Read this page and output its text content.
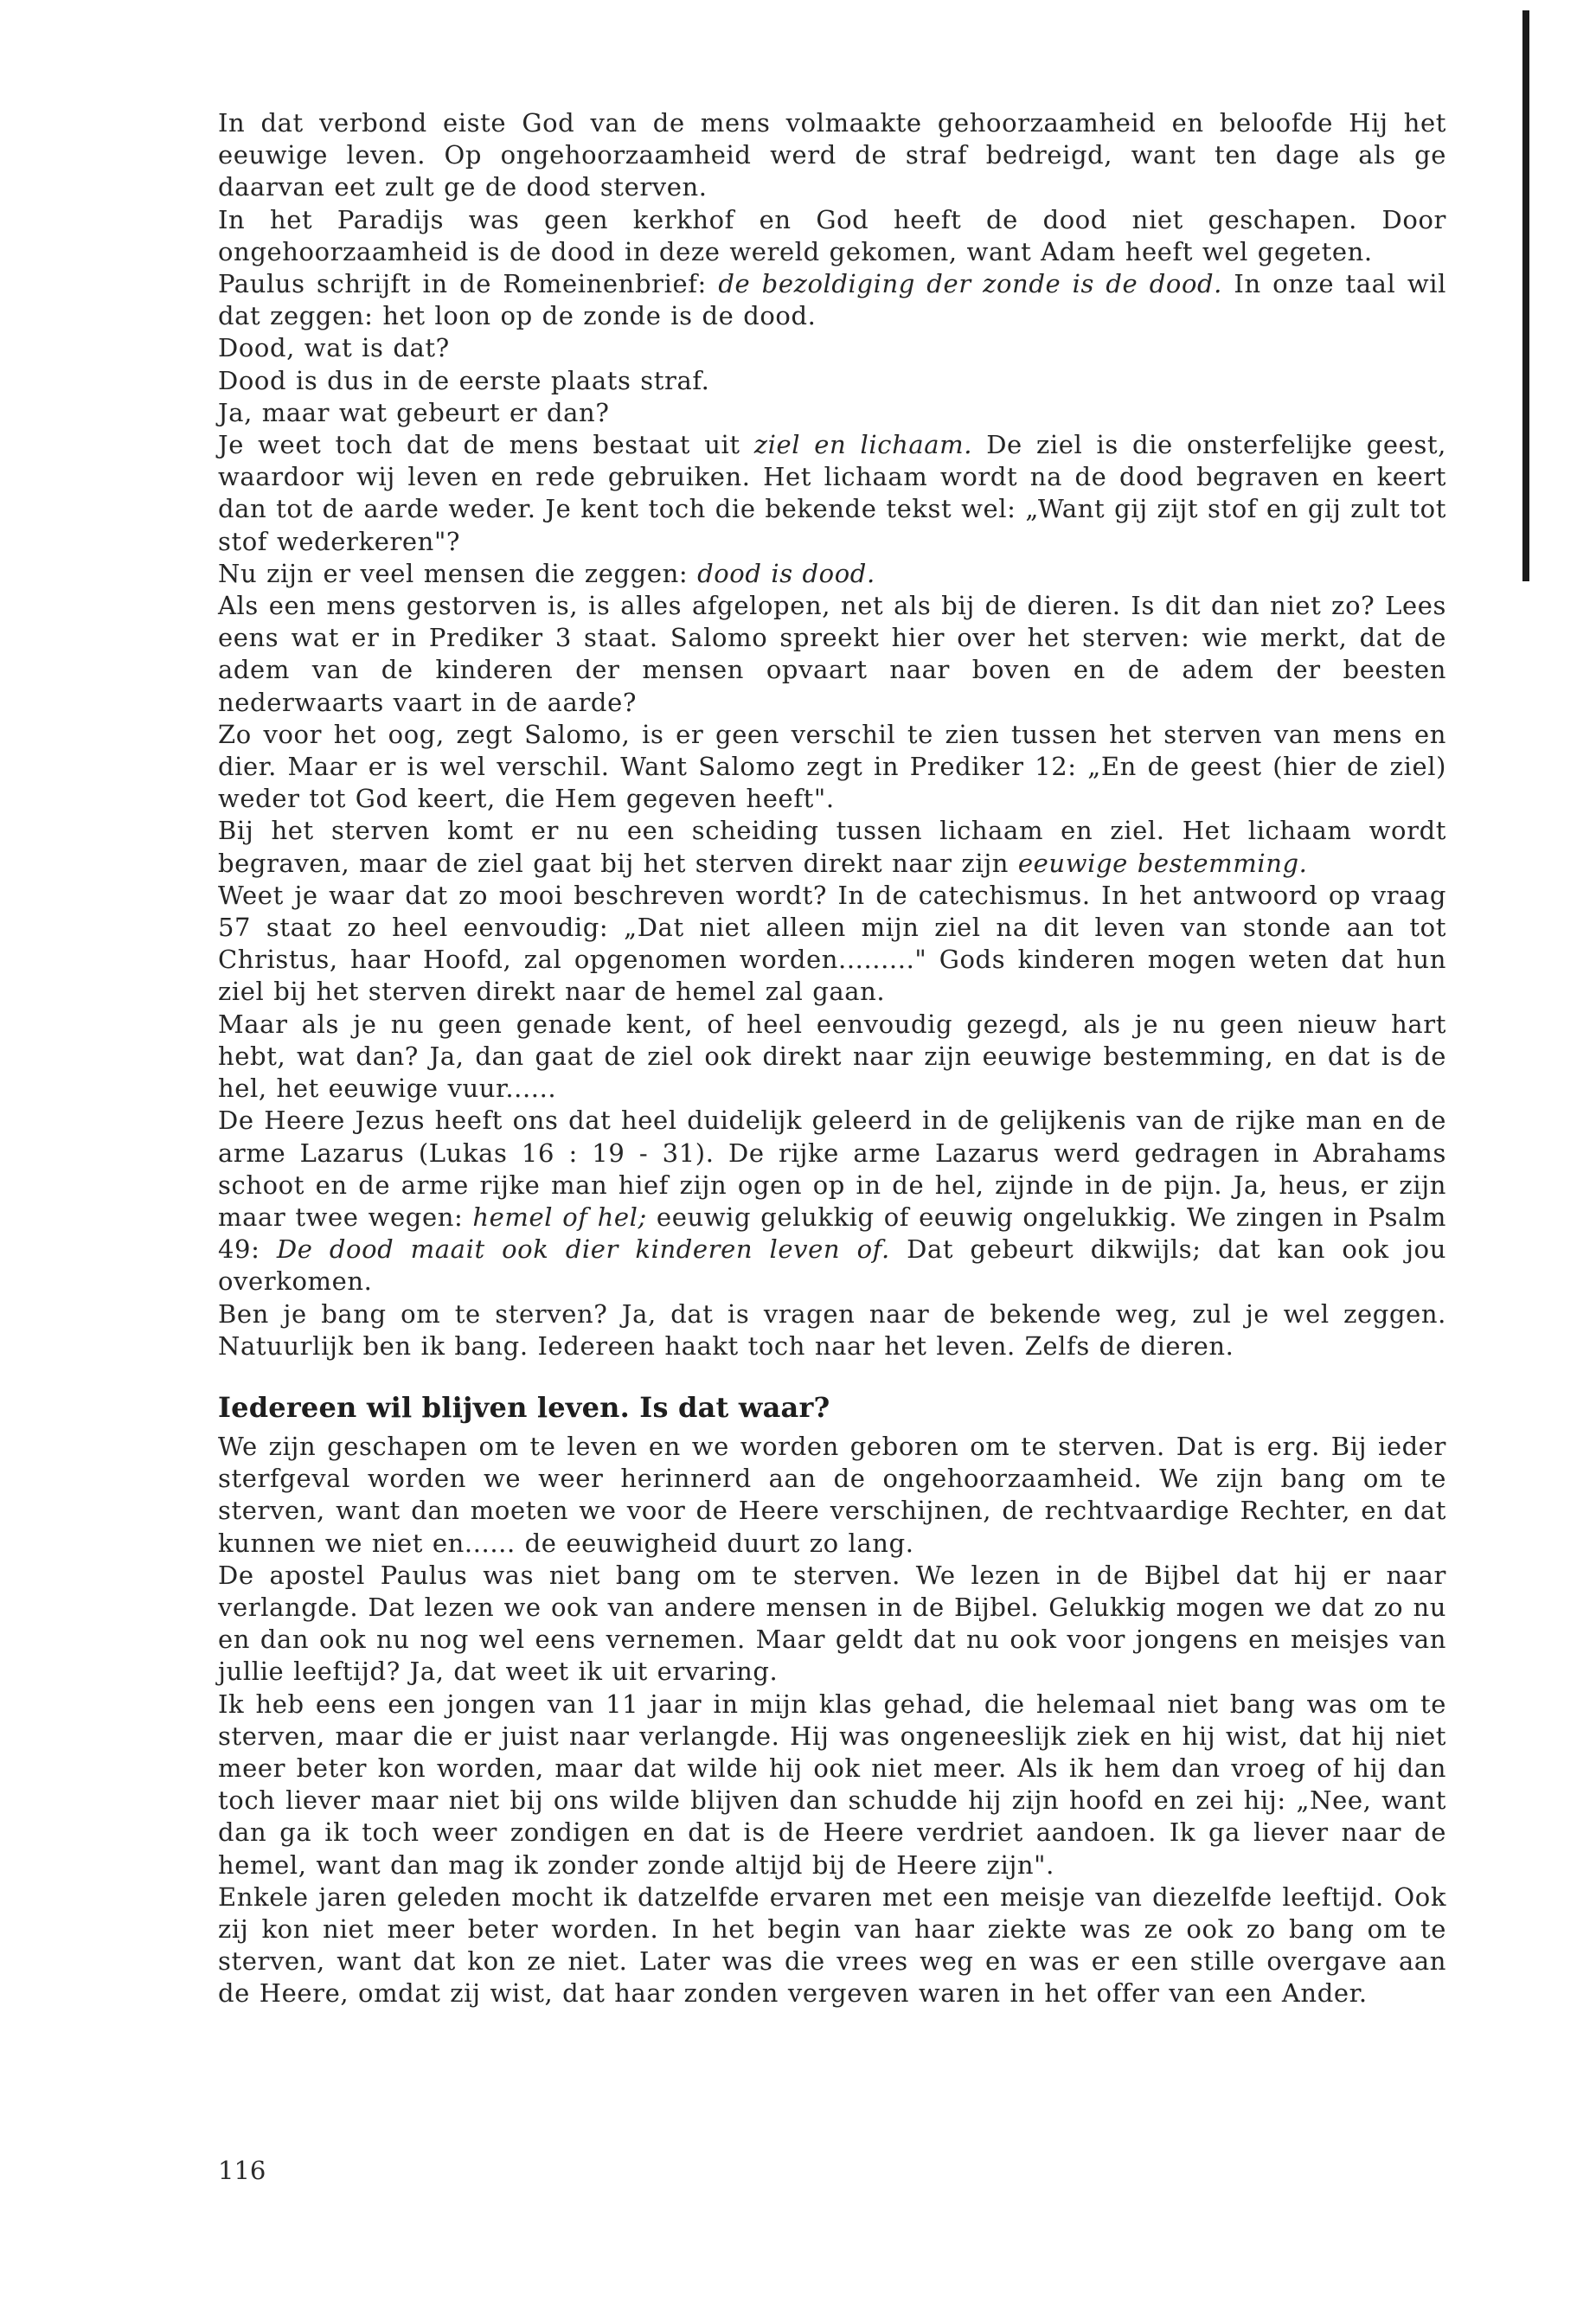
In dat verbond eiste God van de mens volmaakte gehoorzaamheid en beloofde Hij het eeuwige leven. Op ongehoorzaamheid werd de straf bedreigd, want ten dage als ge daarvan eet zult ge de dood sterven.

In het Paradijs was geen kerkhof en God heeft de dood niet geschapen. Door ongehoorzaamheid is de dood in deze wereld gekomen, want Adam heeft wel gegeten.

Paulus schrijft in de Romeinenbrief: de bezoldiging der zonde is de dood. In onze taal wil dat zeggen: het loon op de zonde is de dood.

Dood, wat is dat?

Dood is dus in de eerste plaats straf.

Ja, maar wat gebeurt er dan?

Je weet toch dat de mens bestaat uit ziel en lichaam. De ziel is die onsterfelijke geest, waardoor wij leven en rede gebruiken. Het lichaam wordt na de dood begraven en keert dan tot de aarde weder. Je kent toch die bekende tekst wel: „Want gij zijt stof en gij zult tot stof wederkeren"?

Nu zijn er veel mensen die zeggen: dood is dood.

Als een mens gestorven is, is alles afgelopen, net als bij de dieren. Is dit dan niet zo? Lees eens wat er in Prediker 3 staat. Salomo spreekt hier over het sterven: wie merkt, dat de adem van de kinderen der mensen opvaart naar boven en de adem der beesten nederwaarts vaart in de aarde?

Zo voor het oog, zegt Salomo, is er geen verschil te zien tussen het sterven van mens en dier. Maar er is wel verschil. Want Salomo zegt in Prediker 12: „En de geest (hier de ziel) weder tot God keert, die Hem gegeven heeft".

Bij het sterven komt er nu een scheiding tussen lichaam en ziel. Het lichaam wordt begraven, maar de ziel gaat bij het sterven direkt naar zijn eeuwige bestemming.

Weet je waar dat zo mooi beschreven wordt? In de catechismus. In het antwoord op vraag 57 staat zo heel eenvoudig: „Dat niet alleen mijn ziel na dit leven van stonde aan tot Christus, haar Hoofd, zal opgenomen worden........." Gods kinderen mogen weten dat hun ziel bij het sterven direkt naar de hemel zal gaan.

Maar als je nu geen genade kent, of heel eenvoudig gezegd, als je nu geen nieuw hart hebt, wat dan? Ja, dan gaat de ziel ook direkt naar zijn eeuwige bestemming, en dat is de hel, het eeuwige vuur......

De Heere Jezus heeft ons dat heel duidelijk geleerd in de gelijkenis van de rijke man en de arme Lazarus (Lukas 16 : 19 - 31). De rijke arme Lazarus werd gedragen in Abrahams schoot en de arme rijke man hief zijn ogen op in de hel, zijnde in de pijn. Ja, heus, er zijn maar twee wegen: hemel of hel; eeuwig gelukkig of eeuwig ongelukkig. We zingen in Psalm 49: De dood maait ook dier kinderen leven of. Dat gebeurt dikwijls; dat kan ook jou overkomen.

Ben je bang om te sterven? Ja, dat is vragen naar de bekende weg, zul je wel zeggen. Natuurlijk ben ik bang. Iedereen haakt toch naar het leven. Zelfs de dieren.

Iedereen wil blijven leven. Is dat waar?

We zijn geschapen om te leven en we worden geboren om te sterven. Dat is erg. Bij ieder sterfgeval worden we weer herinnerd aan de ongehoorzaamheid. We zijn bang om te sterven, want dan moeten we voor de Heere verschijnen, de rechtvaardige Rechter, en dat kunnen we niet en...... de eeuwigheid duurt zo lang.

De apostel Paulus was niet bang om te sterven. We lezen in de Bijbel dat hij er naar verlangde. Dat lezen we ook van andere mensen in de Bijbel. Gelukkig mogen we dat zo nu en dan ook nu nog wel eens vernemen. Maar geldt dat nu ook voor jongens en meisjes van jullie leeftijd? Ja, dat weet ik uit ervaring.

Ik heb eens een jongen van 11 jaar in mijn klas gehad, die helemaal niet bang was om te sterven, maar die er juist naar verlangde. Hij was ongeneeslijk ziek en hij wist, dat hij niet meer beter kon worden, maar dat wilde hij ook niet meer. Als ik hem dan vroeg of hij dan toch liever maar niet bij ons wilde blijven dan schudde hij zijn hoofd en zei hij: „Nee, want dan ga ik toch weer zondigen en dat is de Heere verdriet aandoen. Ik ga liever naar de hemel, want dan mag ik zonder zonde altijd bij de Heere zijn".

Enkele jaren geleden mocht ik datzelfde ervaren met een meisje van diezelfde leeftijd. Ook zij kon niet meer beter worden. In het begin van haar ziekte was ze ook zo bang om te sterven, want dat kon ze niet. Later was die vrees weg en was er een stille overgave aan de Heere, omdat zij wist, dat haar zonden vergeven waren in het offer van een Ander.

116
